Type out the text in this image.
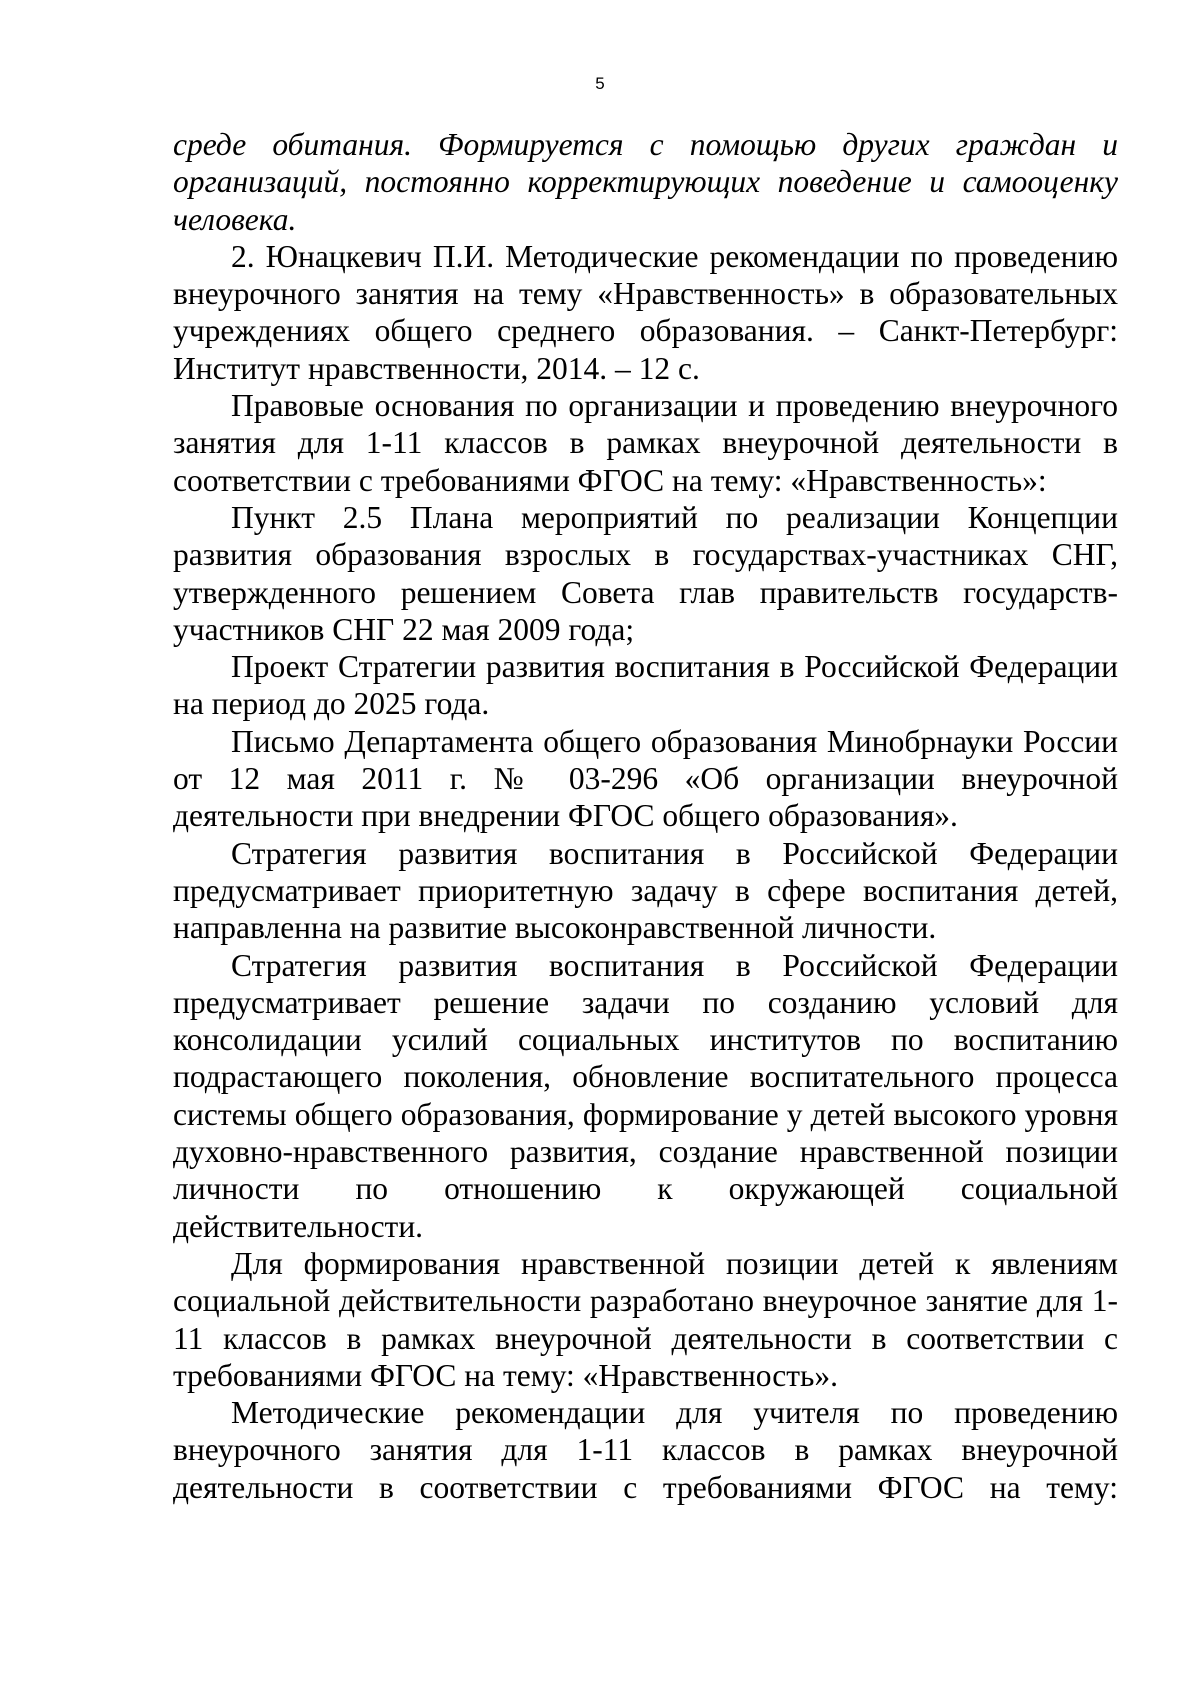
5

среде обитания. Формируется с помощью других граждан и организаций, постоянно корректирующих поведение и самооценку человека.

2. Юнацкевич П.И. Методические рекомендации по проведению внеурочного занятия на тему «Нравственность» в образовательных учреждениях общего среднего образования. – Санкт-Петербург: Институт нравственности, 2014. – 12 с.

Правовые основания по организации и проведению внеурочного занятия для 1-11 классов в рамках внеурочной деятельности в соответствии с требованиями ФГОС на тему: «Нравственность»:

Пункт 2.5 Плана мероприятий по реализации Концепции развития образования взрослых в государствах-участниках СНГ, утвержденного решением Совета глав правительств государств-участников СНГ 22 мая 2009 года;

Проект Стратегии развития воспитания в Российской Федерации на период до 2025 года.

Письмо Департамента общего образования Минобрнауки России от 12 мая 2011 г. № 03-296 «Об организации внеурочной деятельности при внедрении ФГОС общего образования».

Стратегия развития воспитания в Российской Федерации предусматривает приоритетную задачу в сфере воспитания детей, направленна на развитие высоконравственной личности.

Стратегия развития воспитания в Российской Федерации предусматривает решение задачи по созданию условий для консолидации усилий социальных институтов по воспитанию подрастающего поколения, обновление воспитательного процесса системы общего образования, формирование у детей высокого уровня духовно-нравственного развития, создание нравственной позиции личности по отношению к окружающей социальной действительности.

Для формирования нравственной позиции детей к явлениям социальной действительности разработано внеурочное занятие для 1-11 классов в рамках внеурочной деятельности в соответствии с требованиями ФГОС на тему: «Нравственность».

Методические рекомендации для учителя по проведению внеурочного занятия для 1-11 классов в рамках внеурочной деятельности в соответствии с требованиями ФГОС на тему:
